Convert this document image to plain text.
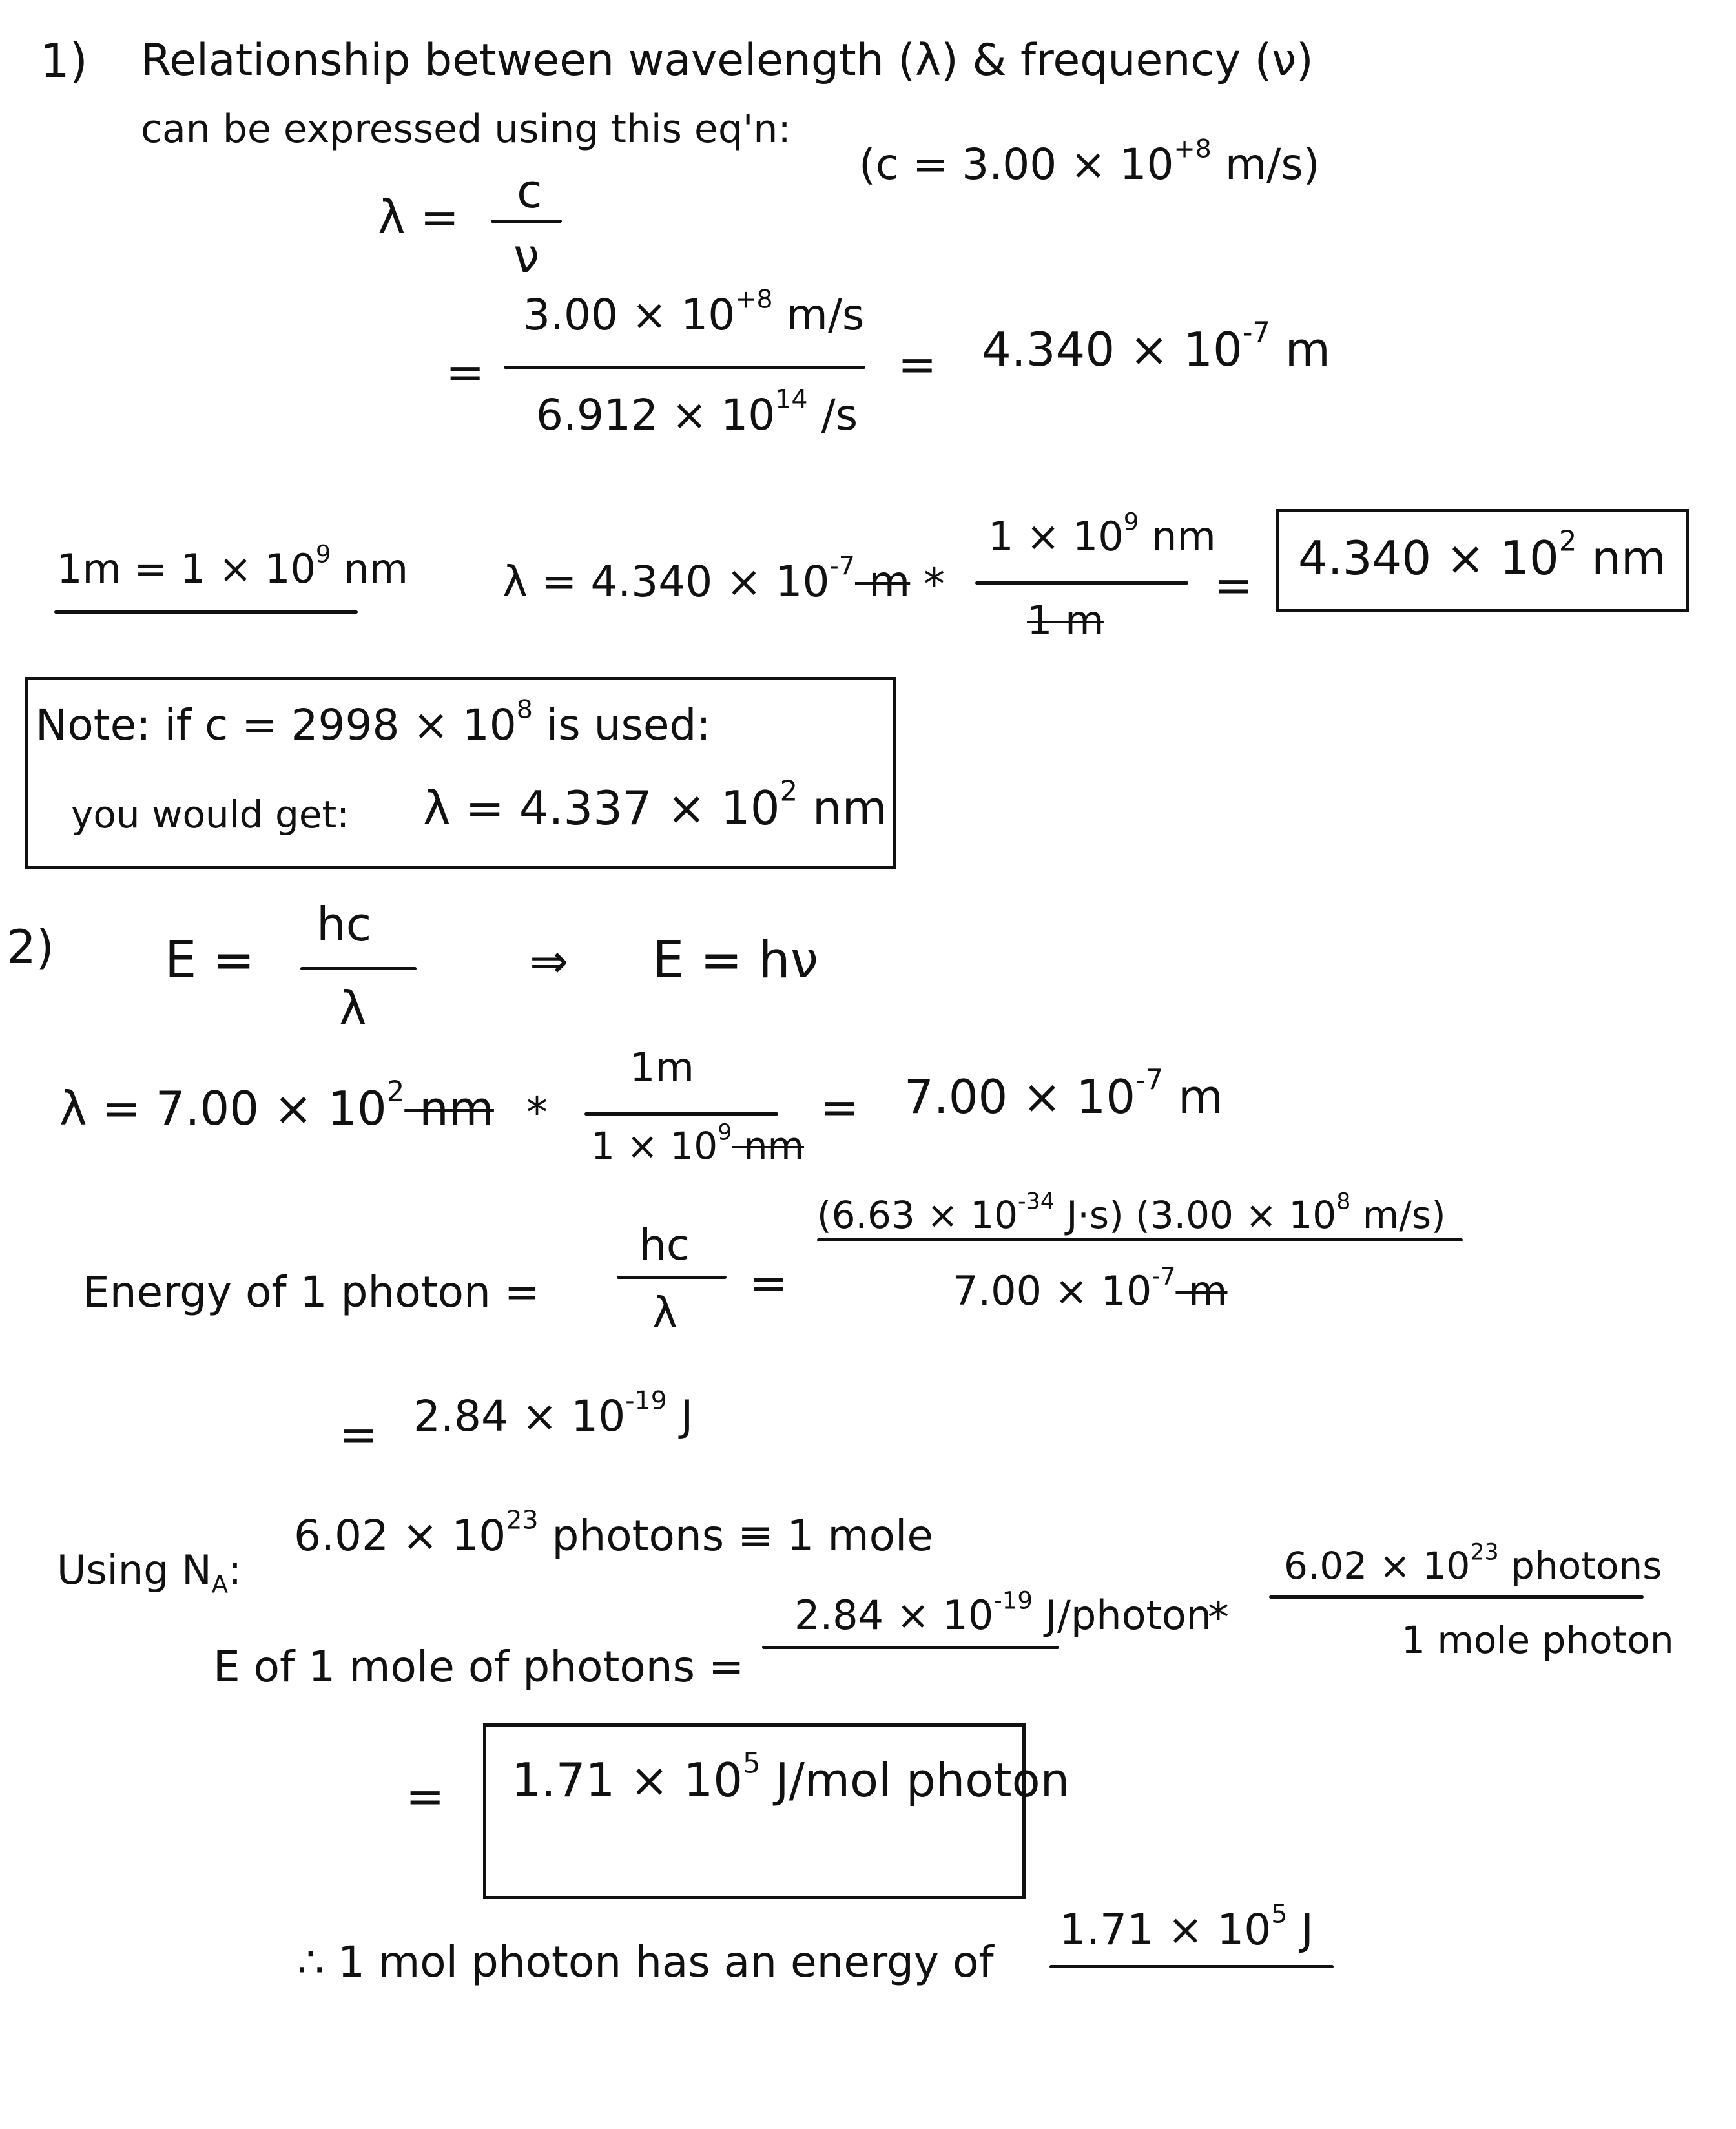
1) Relationship between wavelength (λ) & frequency (ν)
can be expressed using this eq'n:
($c = 3.00 \times 10^{+8}$ m/s)
λ = c
ν
=
$3.00 \times 10^{+8}$ m/s
$6.912 \times 10^{14}$ /s
= $4.340 \times 10^{-7}$ m
$1m = 1 \times 10^9$ nm $\lambda = 4.340 \times 10^{-7}$ m *
$1 \times 10^9$ nm
1 m
= $4.340 \times 10^2$ nm
Note: if $c = 2998 \times 10^8$ is used:
you would get: $\lambda = 4.337 \times 10^2$ nm
2) E =
hc
λ
⇒ E = hν
$\lambda = 7.00 \times 10^2$ nm *
1m
$1 \times 10^9$ nm
= $7.00 \times 10^{-7}$ m
Energy of 1 photon =
hc
λ
=
($6.63 \times 10^{-34}$ J·s) ($3.00 \times 10^8$ m/s)
$7.00 \times 10^{-7}$ m
= $2.84 \times 10^{-19}$ J
Using $N_A$:
$6.02 \times 10^{23}$ photons ≡ 1 mole
$6.02 \times 10^{23}$ photons
1 mole photon
E of 1 mole of photons =
$2.84 \times 10^{-19}$ J/photon
*
= $1.71 \times 10^5$ J/mol photon
∴ 1 mol photon has an energy of
$1.71 \times 10^5$ J
